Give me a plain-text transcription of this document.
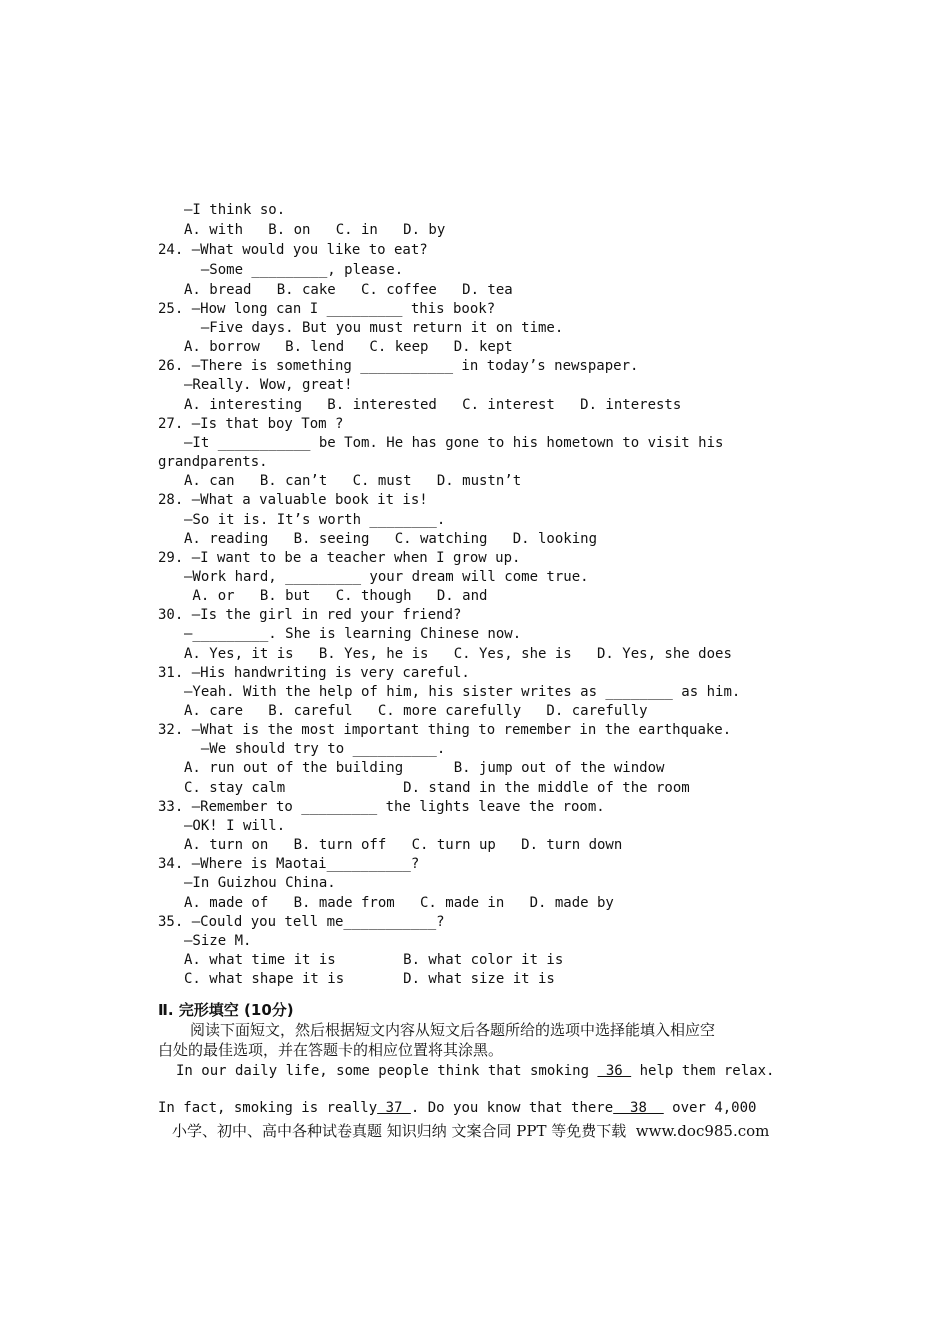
—I think so.
A. with   B. on   C. in   D. by
24. —What would you like to eat?
—Some _________, please.
A. bread   B. cake   C. coffee   D. tea
25. —How long can I _________ this book?
—Five days. But you must return it on time.
A. borrow   B. lend   C. keep   D. kept
26. —There is something ___________ in today’s newspaper.
—Really. Wow, great!
A. interesting   B. interested   C. interest   D. interests
27. —Is that boy Tom ?
—It ___________ be Tom. He has gone to his hometown to visit his
grandparents.
A. can   B. can’t   C. must   D. mustn’t
28. —What a valuable book it is!
—So it is. It’s worth ________.
A. reading   B. seeing   C. watching   D. looking
29. —I want to be a teacher when I grow up.
—Work hard, _________ your dream will come true.
A. or   B. but   C. though   D. and
30. —Is the girl in red your friend?
—_________. She is learning Chinese now.
A. Yes, it is   B. Yes, he is   C. Yes, she is   D. Yes, she does
31. —His handwriting is very careful.
—Yeah. With the help of him, his sister writes as ________ as him.
A. care   B. careful   C. more carefully   D. carefully
32. —What is the most important thing to remember in the earthquake.
—We should try to __________.
A. run out of the building      B. jump out of the window
C. stay calm              D. stand in the middle of the room
33. —Remember to _________ the lights leave the room.
—OK! I will.
A. turn on   B. turn off   C. turn up   D. turn down
34. —Where is Maotai__________?
—In Guizhou China.
A. made of   B. made from   C. made in   D. made by
35. —Could you tell me___________?
—Size M.
A. what time it is        B. what color it is
C. what shape it is       D. what size it is
Ⅱ. 完形填空 (10分)
阅读下面短文，然后根据短文内容从短文后各题所给的选项中选择能填入相应空
白处的最佳选项，并在答题卡的相应位置将其涂黑。
In our daily life, some people think that smoking  36  help them relax.
In fact, smoking is really 37 . Do you know that there  38   over 4,000
小学、初中、高中各种试卷真题 知识归纳 文案合同 PPT 等免费下载  www.doc985.com
